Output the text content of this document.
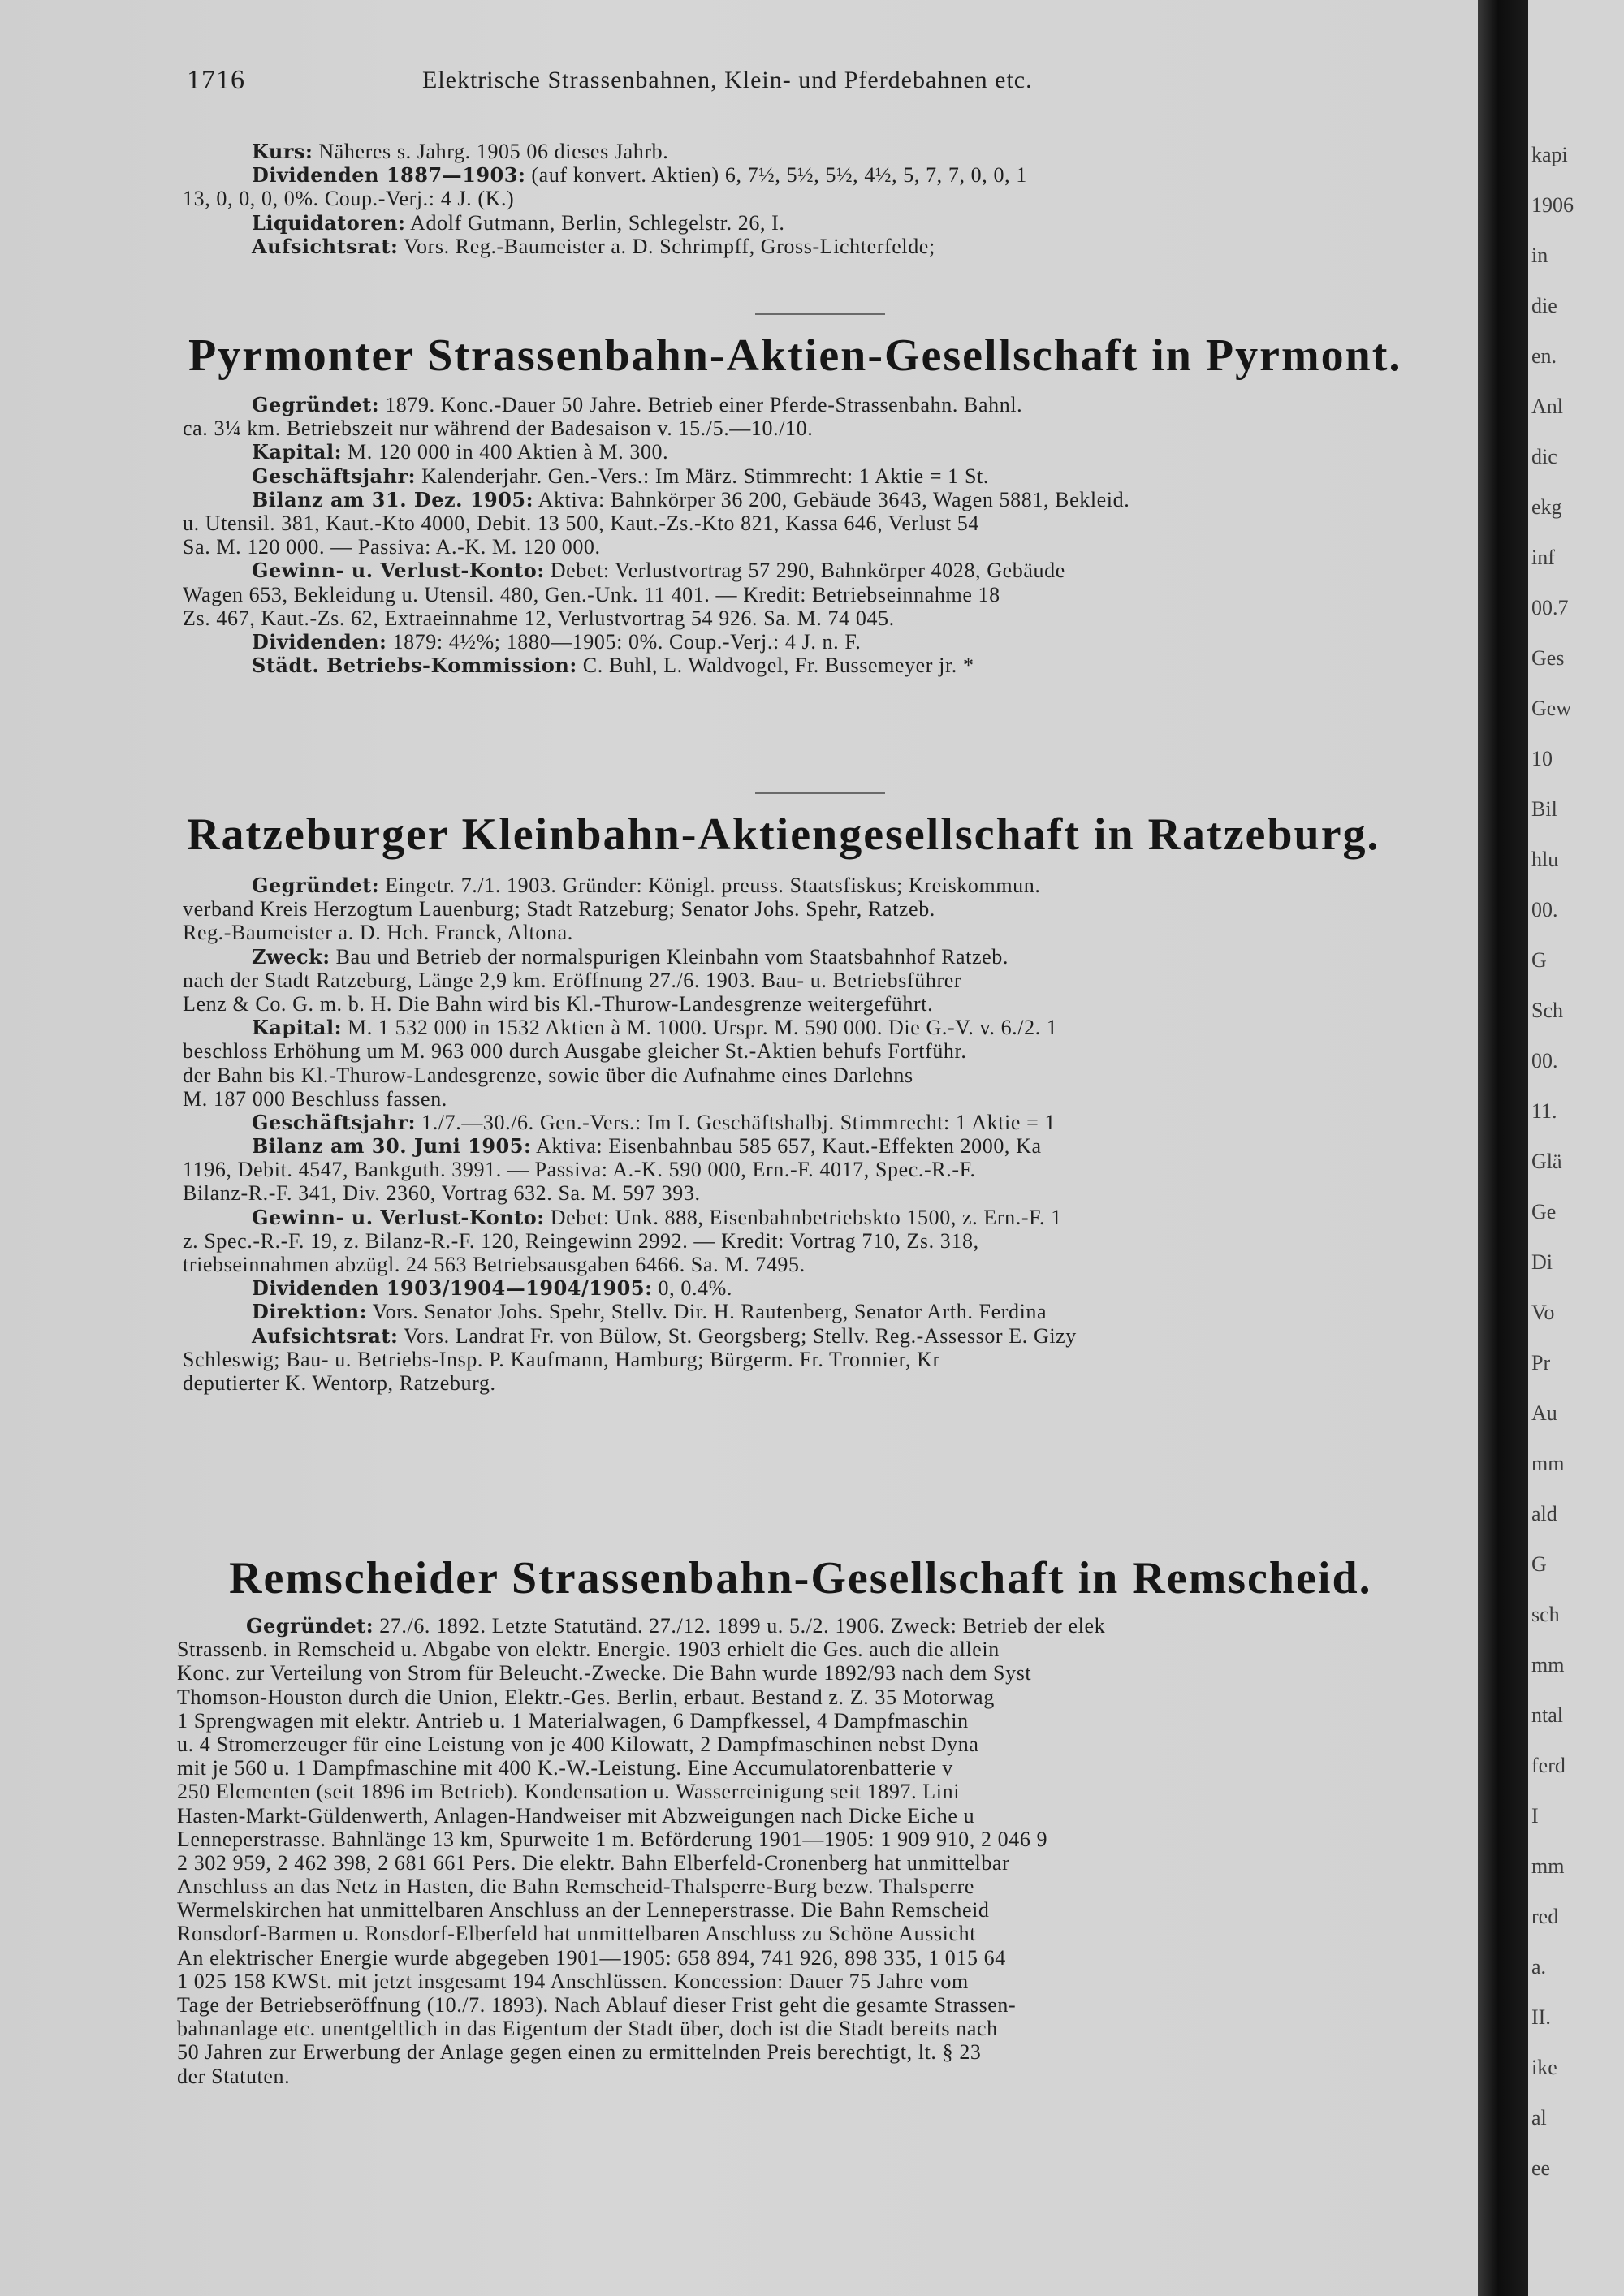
1716	Elektrische Strassenbahnen, Klein- und Pferdebahnen etc.
Kurs: Näheres s. Jahrg. 1905 06 dieses Jahrb.
Dividenden 1887—1903: (auf konvert. Aktien) 6, 7½, 5½, 5½, 4½, 5, 7, 7, 0, 0, 1
13, 0, 0, 0, 0%. Coup.-Verj.: 4 J. (K.)
Liquidatoren: Adolf Gutmann, Berlin, Schlegelstr. 26, I.
Aufsichtsrat: Vors. Reg.-Baumeister a. D. Schrimpff, Gross-Lichterfelde;
Pyrmonter Strassenbahn-Aktien-Gesellschaft in Pyrmont.
Gegründet: 1879. Konc.-Dauer 50 Jahre. Betrieb einer Pferde-Strassenbahn. Bahnl.
ca. 3¼ km. Betriebszeit nur während der Badesaison v. 15./5.—10./10.
Kapital: M. 120 000 in 400 Aktien à M. 300.
Geschäftsjahr: Kalenderjahr. Gen.-Vers.: Im März. Stimmrecht: 1 Aktie = 1 St.
Bilanz am 31. Dez. 1905: Aktiva: Bahnkörper 36 200, Gebäude 3643, Wagen 5881, Bekleid.
u. Utensil. 381, Kaut.-Kto 4000, Debit. 13 500, Kaut.-Zs.-Kto 821, Kassa 646, Verlust 54
Sa. M. 120 000. — Passiva: A.-K. M. 120 000.
Gewinn- u. Verlust-Konto: Debet: Verlustvortrag 57 290, Bahnkörper 4028, Gebäude
Wagen 653, Bekleidung u. Utensil. 480, Gen.-Unk. 11 401. — Kredit: Betriebseinnahme 18
Zs. 467, Kaut.-Zs. 62, Extraeinnahme 12, Verlustvortrag 54 926. Sa. M. 74 045.
Dividenden: 1879: 4½%; 1880—1905: 0%. Coup.-Verj.: 4 J. n. F.
Städt. Betriebs-Kommission: C. Buhl, L. Waldvogel, Fr. Bussemeyer jr. *
Ratzeburger Kleinbahn-Aktiengesellschaft in Ratzeburg.
Gegründet: Eingetr. 7./1. 1903. Gründer: Königl. preuss. Staatsfiskus; Kreiskommun.
verband Kreis Herzogtum Lauenburg; Stadt Ratzeburg; Senator Johs. Spehr, Ratzeb.
Reg.-Baumeister a. D. Hch. Franck, Altona.
Zweck: Bau und Betrieb der normalspurigen Kleinbahn vom Staatsbahnhof Ratzeb.
nach der Stadt Ratzeburg, Länge 2,9 km. Eröffnung 27./6. 1903. Bau- u. Betriebsführer
Lenz & Co. G. m. b. H. Die Bahn wird bis Kl.-Thurow-Landesgrenze weitergeführt.
Kapital: M. 1 532 000 in 1532 Aktien à M. 1000. Urspr. M. 590 000. Die G.-V. v. 6./2. 1
beschloss Erhöhung um M. 963 000 durch Ausgabe gleicher St.-Aktien behufs Fortführ.
der Bahn bis Kl.-Thurow-Landesgrenze, sowie über die Aufnahme eines Darlehns
M. 187 000 Beschluss fassen.
Geschäftsjahr: 1./7.—30./6. Gen.-Vers.: Im I. Geschäftshalbj. Stimmrecht: 1 Aktie = 1
Bilanz am 30. Juni 1905: Aktiva: Eisenbahnbau 585 657, Kaut.-Effekten 2000, Ka
1196, Debit. 4547, Bankguth. 3991. — Passiva: A.-K. 590 000, Ern.-F. 4017, Spec.-R.-F.
Bilanz-R.-F. 341, Div. 2360, Vortrag 632. Sa. M. 597 393.
Gewinn- u. Verlust-Konto: Debet: Unk. 888, Eisenbahnbetriebskto 1500, z. Ern.-F. 1
z. Spec.-R.-F. 19, z. Bilanz-R.-F. 120, Reingewinn 2992. — Kredit: Vortrag 710, Zs. 318,
triebseinnahmen abzügl. 24 563 Betriebsausgaben 6466. Sa. M. 7495.
Dividenden 1903/1904—1904/1905: 0, 0.4%.
Direktion: Vors. Senator Johs. Spehr, Stellv. Dir. H. Rautenberg, Senator Arth. Ferdina
Aufsichtsrat: Vors. Landrat Fr. von Bülow, St. Georgsberg; Stellv. Reg.-Assessor E. Gizy
Schleswig; Bau- u. Betriebs-Insp. P. Kaufmann, Hamburg; Bürgerm. Fr. Tronnier, Kr
deputierter K. Wentorp, Ratzeburg.
Remscheider Strassenbahn-Gesellschaft in Remscheid.
Gegründet: 27./6. 1892. Letzte Statutänd. 27./12. 1899 u. 5./2. 1906. Zweck: Betrieb der elek
Strassenb. in Remscheid u. Abgabe von elektr. Energie. 1903 erhielt die Ges. auch die allein
Konc. zur Verteilung von Strom für Beleucht.-Zwecke. Die Bahn wurde 1892/93 nach dem Syst
Thomson-Houston durch die Union, Elektr.-Ges. Berlin, erbaut. Bestand z. Z. 35 Motorwag
1 Sprengwagen mit elektr. Antrieb u. 1 Materialwagen, 6 Dampfkessel, 4 Dampfmaschin
u. 4 Stromerzeuger für eine Leistung von je 400 Kilowatt, 2 Dampfmaschinen nebst Dyna
mit je 560 u. 1 Dampfmaschine mit 400 K.-W.-Leistung. Eine Accumulatorenbatterie v
250 Elementen (seit 1896 im Betrieb). Kondensation u. Wasserreinigung seit 1897. Lini
Hasten-Markt-Güldenwerth, Anlagen-Handweiser mit Abzweigungen nach Dicke Eiche u
Lenneperstrasse. Bahnlänge 13 km, Spurweite 1 m. Beförderung 1901—1905: 1 909 910, 2 046 9
2 302 959, 2 462 398, 2 681 661 Pers. Die elektr. Bahn Elberfeld-Cronenberg hat unmittelbar
Anschluss an das Netz in Hasten, die Bahn Remscheid-Thalsperre-Burg bezw. Thalsperre
Wermelskirchen hat unmittelbaren Anschluss an der Lenneperstrasse. Die Bahn Remscheid
Ronsdorf-Barmen u. Ronsdorf-Elberfeld hat unmittelbaren Anschluss zu Schöne Aussicht
An elektrischer Energie wurde abgegeben 1901—1905: 658 894, 741 926, 898 335, 1 015 64
1 025 158 KWSt. mit jetzt insgesamt 194 Anschlüssen. Koncession: Dauer 75 Jahre vom
Tage der Betriebseröffnung (10./7. 1893). Nach Ablauf dieser Frist geht die gesamte Strassen-
bahnanlage etc. unentgeltlich in das Eigentum der Stadt über, doch ist die Stadt bereits nach
50 Jahren zur Erwerbung der Anlage gegen einen zu ermittelnden Preis berechtigt, lt. § 23
der Statuten.
kapi
1906
in
die
en.
Anl
dic
ekg
inf
00.7
Ges
Gew
10
Bil
hlu
00.
G
Sch
00.
11.
Glä
Ge
Di
Vo
Pr
Au
mm
ald
G
sch
mm
ntal
ferd
I
mm
red
a.
II.
ike
al
ee
